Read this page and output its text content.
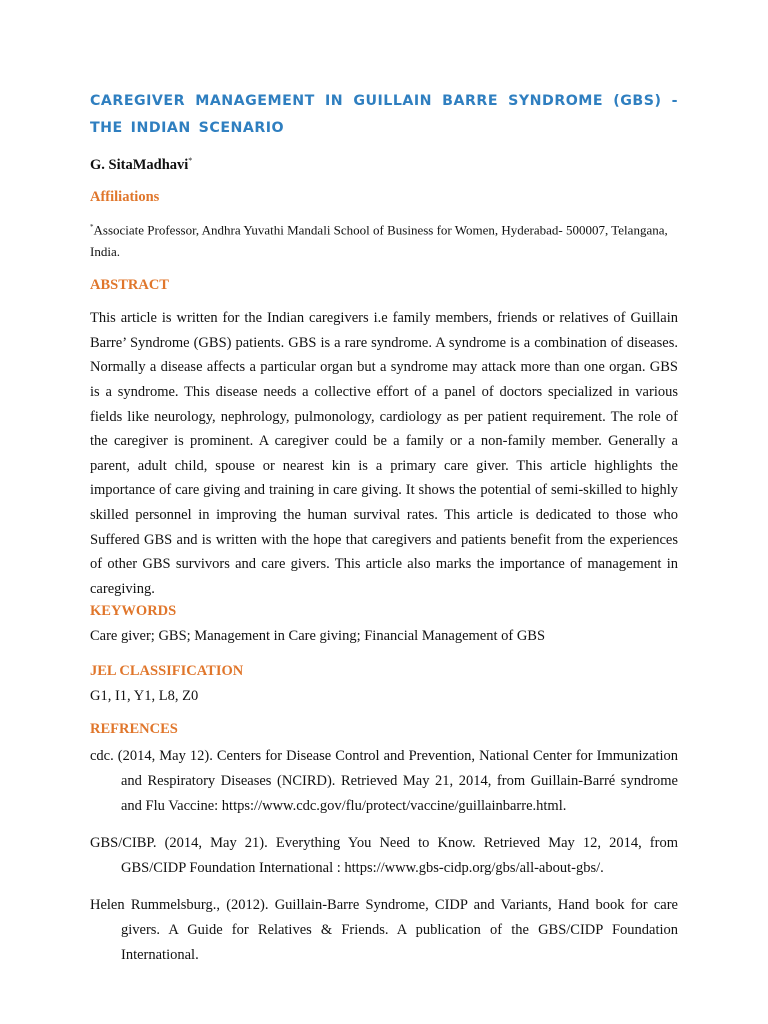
CAREGIVER MANAGEMENT IN GUILLAIN BARRE SYNDROME (GBS) - THE INDIAN SCENARIO

G. SitaMadhavi*

Affiliations

*Associate Professor, Andhra Yuvathi Mandali School of Business for Women, Hyderabad- 500007, Telangana, India.

ABSTRACT

This article is written for the Indian caregivers i.e family members, friends or relatives of Guillain Barre’ Syndrome (GBS) patients. GBS is a rare syndrome. A syndrome is a combination of diseases. Normally a disease affects a particular organ but a syndrome may attack more than one organ. GBS is a syndrome. This disease needs a collective effort of a panel of doctors specialized in various fields like neurology, nephrology, pulmonology, cardiology as per patient requirement. The role of the caregiver is prominent. A caregiver could be a family or a non-family member. Generally a parent, adult child, spouse or nearest kin is a primary care giver. This article highlights the importance of care giving and training in care giving. It shows the potential of semi-skilled to highly skilled personnel in improving the human survival rates. This article is dedicated to those who Suffered GBS and is written with the hope that caregivers and patients benefit from the experiences of other GBS survivors and care givers. This article also marks the importance of management in caregiving.

KEYWORDS

Care giver; GBS; Management in Care giving; Financial Management of GBS

JEL CLASSIFICATION

G1, I1, Y1, L8, Z0

REFRENCES

cdc. (2014, May 12). Centers for Disease Control and Prevention, National Center for Immunization and Respiratory Diseases (NCIRD). Retrieved May 21, 2014, from Guillain-Barré syndrome and Flu Vaccine: https://www.cdc.gov/flu/protect/vaccine/guillainbarre.html.

GBS/CIBP. (2014, May 21). Everything You Need to Know. Retrieved May 12, 2014, from GBS/CIDP Foundation International : https://www.gbs-cidp.org/gbs/all-about-gbs/.

Helen Rummelsburg., (2012). Guillain-Barre Syndrome, CIDP and Variants, Hand book for care givers. A Guide for Relatives & Friends. A publication of the GBS/CIDP Foundation International.
